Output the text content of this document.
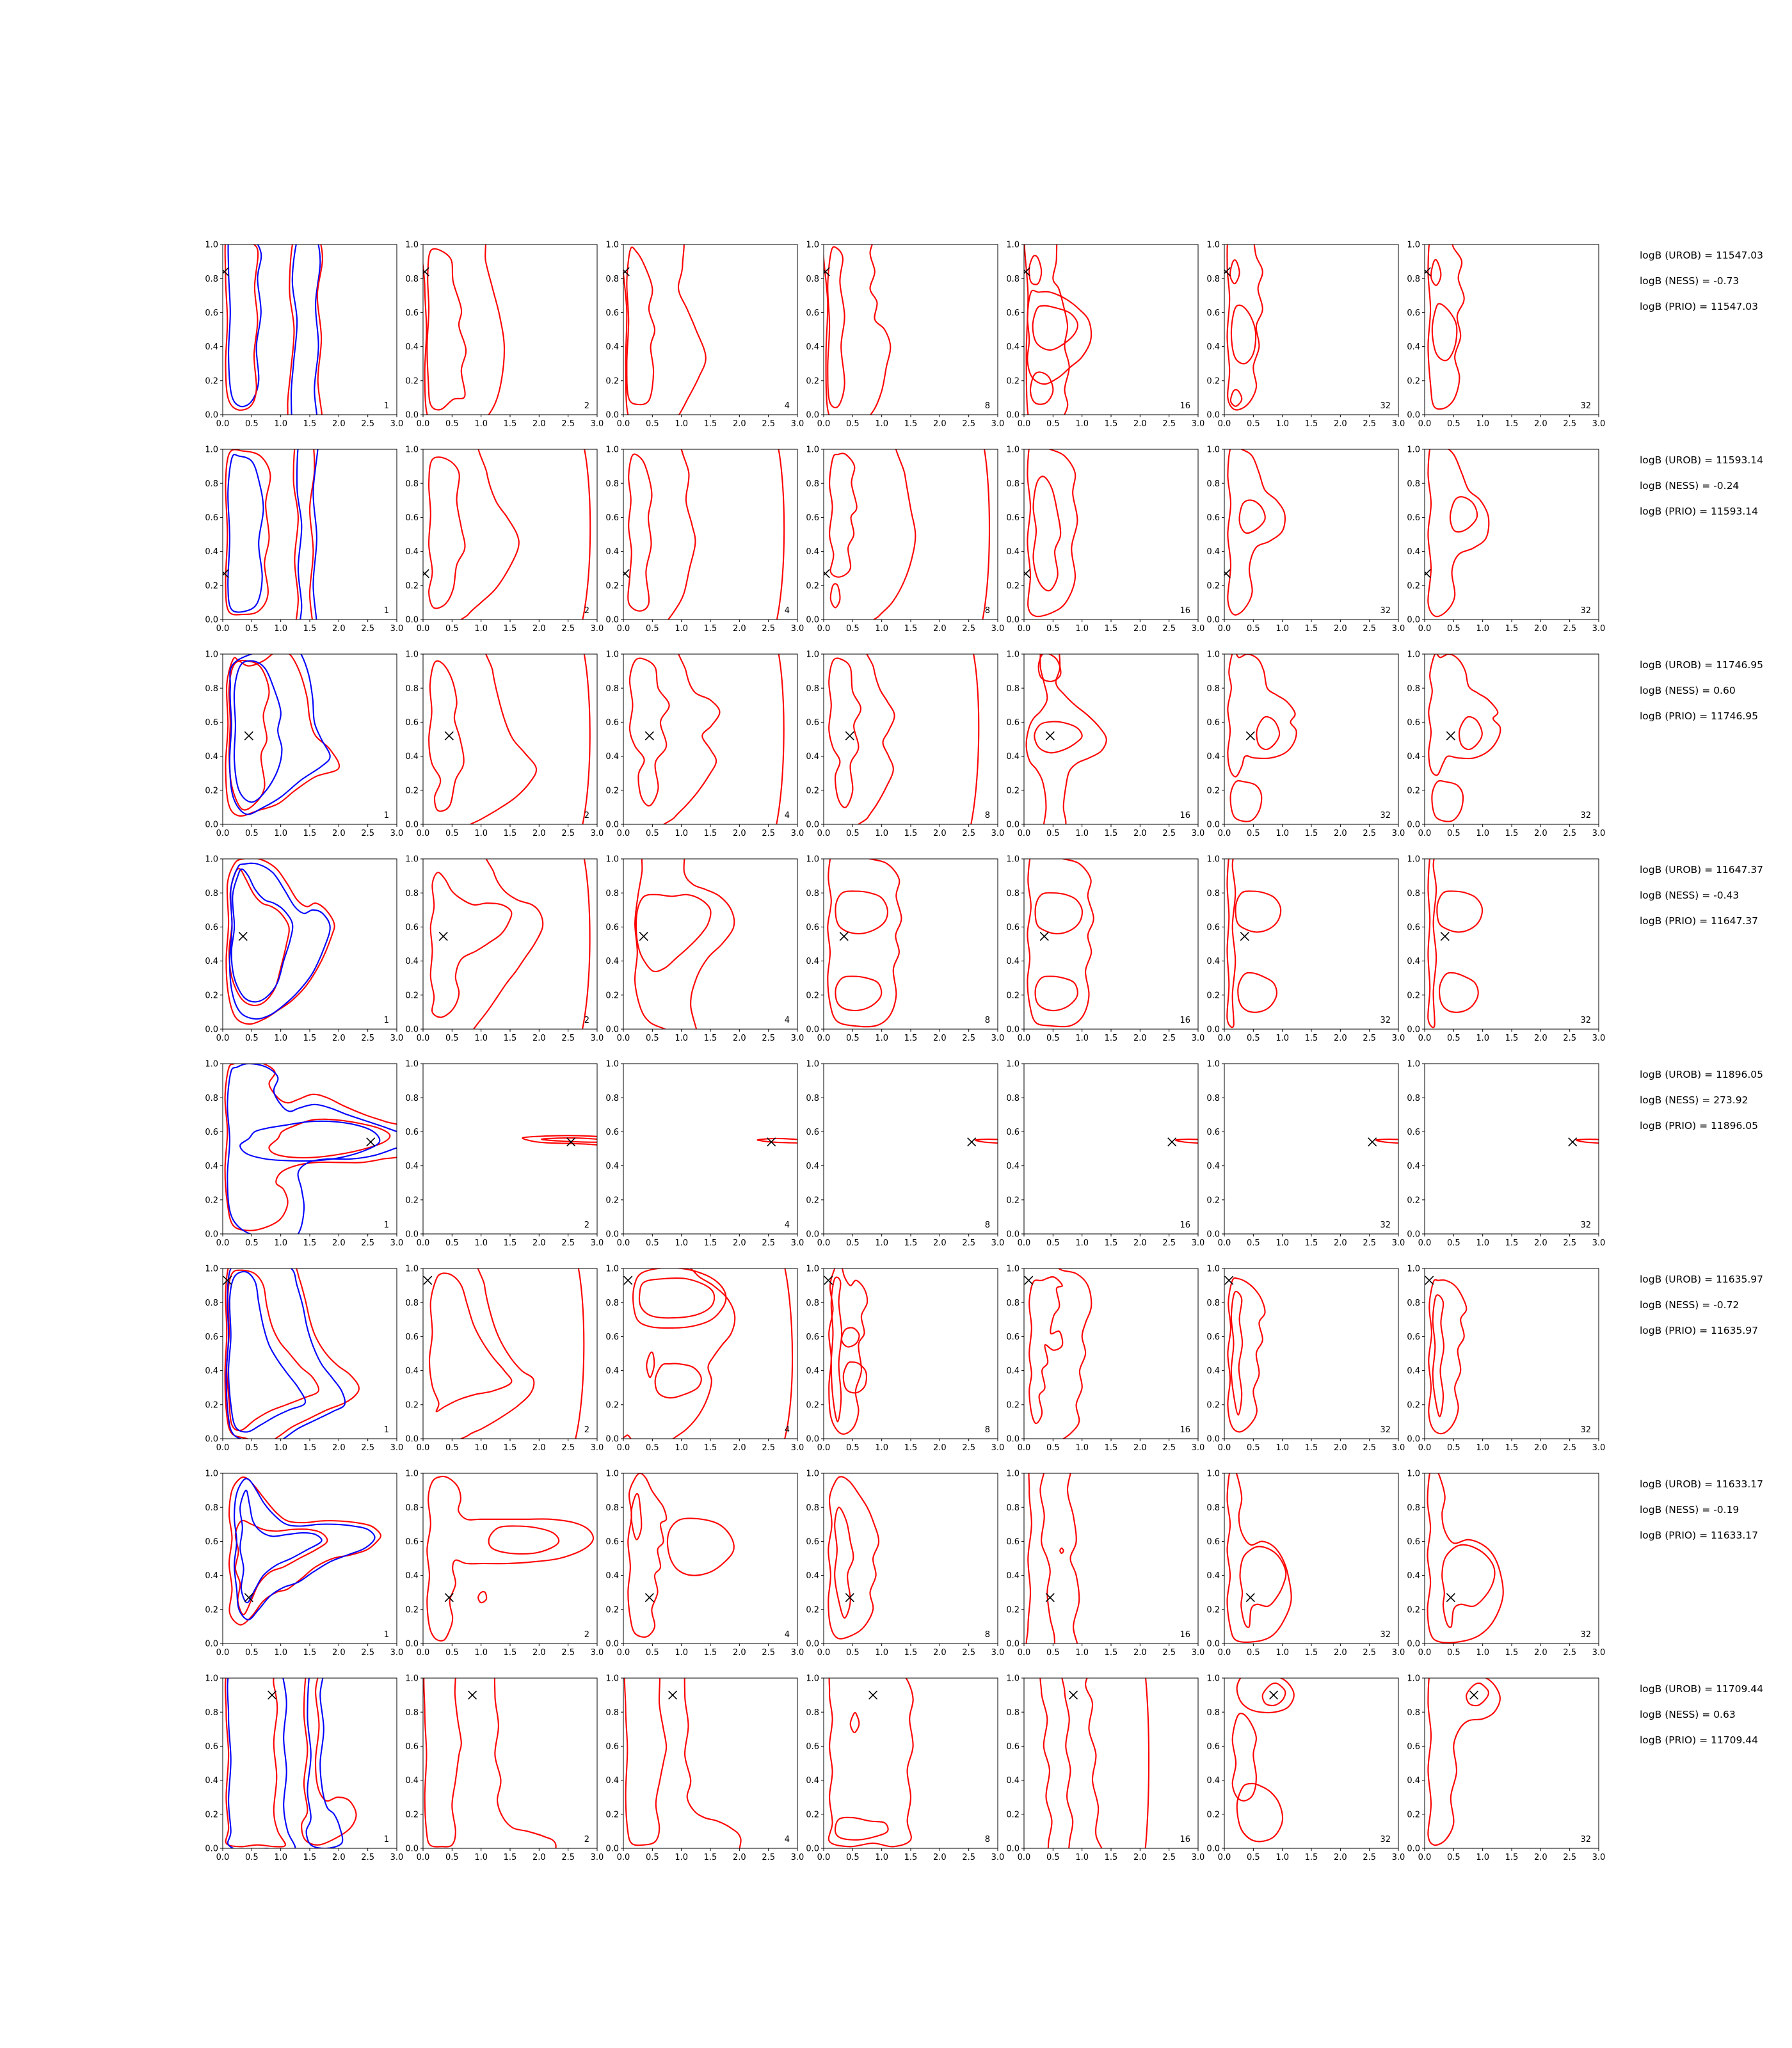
0.0 0.5 1.0 1.5 2.0 2.5 3.0
0.0
0.2
0.4
0.6
0.8
1.0
1
0.0 0.5 1.0 1.5 2.0 2.5 3.0
0.0
0.2
0.4
0.6
0.8
1.0
2
0.0 0.5 1.0 1.5 2.0 2.5 3.0
0.0
0.2
0.4
0.6
0.8
1.0
4
0.0 0.5 1.0 1.5 2.0 2.5 3.0
0.0
0.2
0.4
0.6
0.8
1.0
8
0.0 0.5 1.0 1.5 2.0 2.5 3.0
0.0
0.2
0.4
0.6
0.8
1.0
16
0.0 0.5 1.0 1.5 2.0 2.5 3.0
0.0
0.2
0.4
0.6
0.8
1.0
32
0.0 0.5 1.0 1.5 2.0 2.5 3.0
0.0
0.2
0.4
0.6
0.8
1.0
32
0.0 0.5 1.0 1.5 2.0 2.5 3.0
0.0
0.2
0.4
0.6
0.8
1.0
1
0.0 0.5 1.0 1.5 2.0 2.5 3.0
0.0
0.2
0.4
0.6
0.8
1.0
2
0.0 0.5 1.0 1.5 2.0 2.5 3.0
0.0
0.2
0.4
0.6
0.8
1.0
4
0.0 0.5 1.0 1.5 2.0 2.5 3.0
0.0
0.2
0.4
0.6
0.8
1.0
8
0.0 0.5 1.0 1.5 2.0 2.5 3.0
0.0
0.2
0.4
0.6
0.8
1.0
16
0.0 0.5 1.0 1.5 2.0 2.5 3.0
0.0
0.2
0.4
0.6
0.8
1.0
32
0.0 0.5 1.0 1.5 2.0 2.5 3.0
0.0
0.2
0.4
0.6
0.8
1.0
32
0.0 0.5 1.0 1.5 2.0 2.5 3.0
0.0
0.2
0.4
0.6
0.8
1.0
1
0.0 0.5 1.0 1.5 2.0 2.5 3.0
0.0
0.2
0.4
0.6
0.8
1.0
2
0.0 0.5 1.0 1.5 2.0 2.5 3.0
0.0
0.2
0.4
0.6
0.8
1.0
4
0.0 0.5 1.0 1.5 2.0 2.5 3.0
0.0
0.2
0.4
0.6
0.8
1.0
8
0.0 0.5 1.0 1.5 2.0 2.5 3.0
0.0
0.2
0.4
0.6
0.8
1.0
16
0.0 0.5 1.0 1.5 2.0 2.5 3.0
0.0
0.2
0.4
0.6
0.8
1.0
32
0.0 0.5 1.0 1.5 2.0 2.5 3.0
0.0
0.2
0.4
0.6
0.8
1.0
32
0.0 0.5 1.0 1.5 2.0 2.5 3.0
0.0
0.2
0.4
0.6
0.8
1.0
1
0.0 0.5 1.0 1.5 2.0 2.5 3.0
0.0
0.2
0.4
0.6
0.8
1.0
2
0.0 0.5 1.0 1.5 2.0 2.5 3.0
0.0
0.2
0.4
0.6
0.8
1.0
4
0.0 0.5 1.0 1.5 2.0 2.5 3.0
0.0
0.2
0.4
0.6
0.8
1.0
8
0.0 0.5 1.0 1.5 2.0 2.5 3.0
0.0
0.2
0.4
0.6
0.8
1.0
16
0.0 0.5 1.0 1.5 2.0 2.5 3.0
0.0
0.2
0.4
0.6
0.8
1.0
32
0.0 0.5 1.0 1.5 2.0 2.5 3.0
0.0
0.2
0.4
0.6
0.8
1.0
32
0.0 0.5 1.0 1.5 2.0 2.5 3.0
0.0
0.2
0.4
0.6
0.8
1.0
1
0.0 0.5 1.0 1.5 2.0 2.5 3.0
0.0
0.2
0.4
0.6
0.8
1.0
2
0.0 0.5 1.0 1.5 2.0 2.5 3.0
0.0
0.2
0.4
0.6
0.8
1.0
4
0.0 0.5 1.0 1.5 2.0 2.5 3.0
0.0
0.2
0.4
0.6
0.8
1.0
8
0.0 0.5 1.0 1.5 2.0 2.5 3.0
0.0
0.2
0.4
0.6
0.8
1.0
16
0.0 0.5 1.0 1.5 2.0 2.5 3.0
0.0
0.2
0.4
0.6
0.8
1.0
32
0.0 0.5 1.0 1.5 2.0 2.5 3.0
0.0
0.2
0.4
0.6
0.8
1.0
32
0.0 0.5 1.0 1.5 2.0 2.5 3.0
0.0
0.2
0.4
0.6
0.8
1.0
1
0.0 0.5 1.0 1.5 2.0 2.5 3.0
0.0
0.2
0.4
0.6
0.8
1.0
2
0.0 0.5 1.0 1.5 2.0 2.5 3.0
0.0
0.2
0.4
0.6
0.8
1.0
4
0.0 0.5 1.0 1.5 2.0 2.5 3.0
0.0
0.2
0.4
0.6
0.8
1.0
8
0.0 0.5 1.0 1.5 2.0 2.5 3.0
0.0
0.2
0.4
0.6
0.8
1.0
16
0.0 0.5 1.0 1.5 2.0 2.5 3.0
0.0
0.2
0.4
0.6
0.8
1.0
32
0.0 0.5 1.0 1.5 2.0 2.5 3.0
0.0
0.2
0.4
0.6
0.8
1.0
32
0.0 0.5 1.0 1.5 2.0 2.5 3.0
0.0
0.2
0.4
0.6
0.8
1.0
1
0.0 0.5 1.0 1.5 2.0 2.5 3.0
0.0
0.2
0.4
0.6
0.8
1.0
2
0.0 0.5 1.0 1.5 2.0 2.5 3.0
0.0
0.2
0.4
0.6
0.8
1.0
4
0.0 0.5 1.0 1.5 2.0 2.5 3.0
0.0
0.2
0.4
0.6
0.8
1.0
8
0.0 0.5 1.0 1.5 2.0 2.5 3.0
0.0
0.2
0.4
0.6
0.8
1.0
16
0.0 0.5 1.0 1.5 2.0 2.5 3.0
0.0
0.2
0.4
0.6
0.8
1.0
32
0.0 0.5 1.0 1.5 2.0 2.5 3.0
0.0
0.2
0.4
0.6
0.8
1.0
32
0.0 0.5 1.0 1.5 2.0 2.5 3.0
0.0
0.2
0.4
0.6
0.8
1.0
1
0.0 0.5 1.0 1.5 2.0 2.5 3.0
0.0
0.2
0.4
0.6
0.8
1.0
2
0.0 0.5 1.0 1.5 2.0 2.5 3.0
0.0
0.2
0.4
0.6
0.8
1.0
4
0.0 0.5 1.0 1.5 2.0 2.5 3.0
0.0
0.2
0.4
0.6
0.8
1.0
8
0.0 0.5 1.0 1.5 2.0 2.5 3.0
0.0
0.2
0.4
0.6
0.8
1.0
16
0.0 0.5 1.0 1.5 2.0 2.5 3.0
0.0
0.2
0.4
0.6
0.8
1.0
32
0.0 0.5 1.0 1.5 2.0 2.5 3.0
0.0
0.2
0.4
0.6
0.8
1.0
32
logB (UROB) = 11547.03
logB (NESS) = -0.73
logB (PRIO) = 11547.03
logB (UROB) = 11593.14
logB (NESS) = -0.24
logB (PRIO) = 11593.14
logB (UROB) = 11746.95
logB (NESS) = 0.60
logB (PRIO) = 11746.95
logB (UROB) = 11647.37
logB (NESS) = -0.43
logB (PRIO) = 11647.37
logB (UROB) = 11896.05
logB (NESS) = 273.92
logB (PRIO) = 11896.05
logB (UROB) = 11635.97
logB (NESS) = -0.72
logB (PRIO) = 11635.97
logB (UROB) = 11633.17
logB (NESS) = -0.19
logB (PRIO) = 11633.17
logB (UROB) = 11709.44
logB (NESS) = 0.63
logB (PRIO) = 11709.44
